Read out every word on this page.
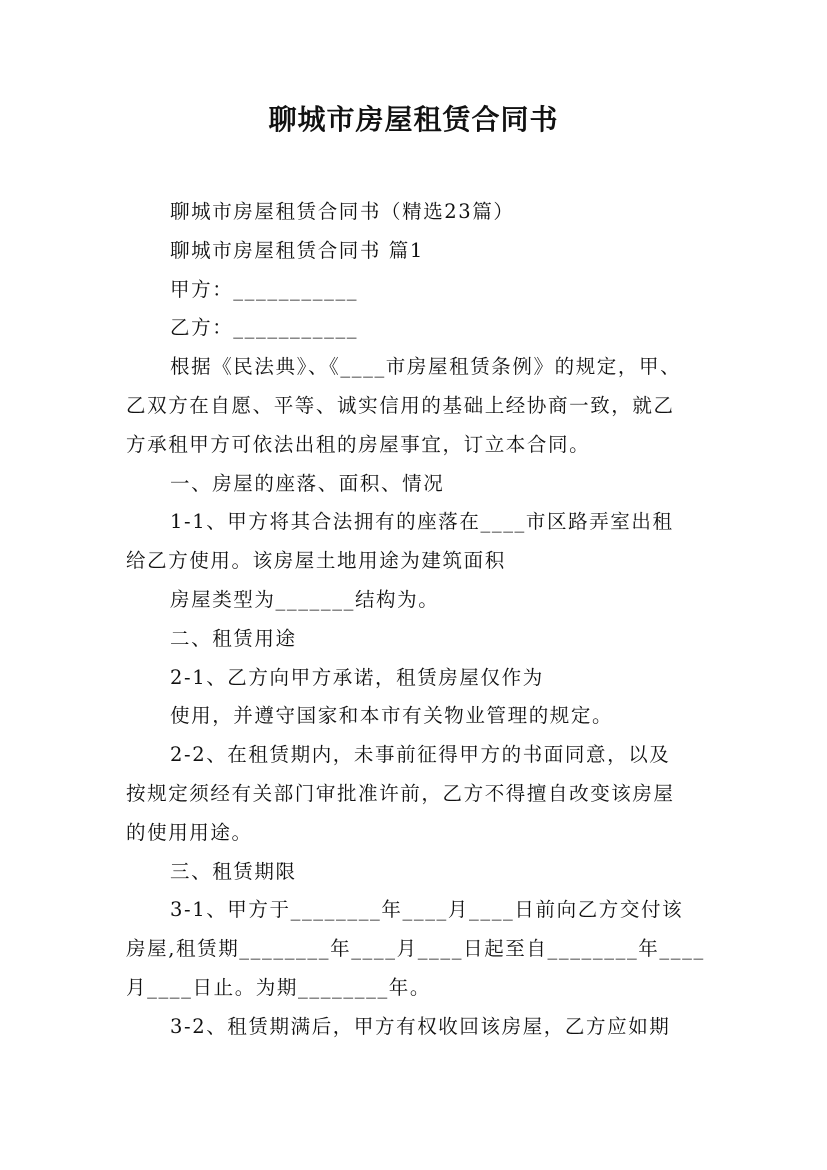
聊城市房屋租赁合同书

聊城市房屋租赁合同书（精选23篇）

聊城市房屋租赁合同书 篇1

甲方：___________

乙方：___________

根据《民法典》、《____市房屋租赁条例》的规定，甲、

乙双方在自愿、平等、诚实信用的基础上经协商一致，就乙

方承租甲方可依法出租的房屋事宜，订立本合同。

一、房屋的座落、面积、情况

1-1、甲方将其合法拥有的座落在____市区路弄室出租

给乙方使用。该房屋土地用途为建筑面积

房屋类型为_______结构为。

二、租赁用途

2-1、乙方向甲方承诺，租赁房屋仅作为

使用，并遵守国家和本市有关物业管理的规定。

2-2、在租赁期内，未事前征得甲方的书面同意，以及

按规定须经有关部门审批准许前，乙方不得擅自改变该房屋

的使用用途。

三、租赁期限

3-1、甲方于________年____月____日前向乙方交付该

房屋,租赁期________年____月____日起至自________年____

月____日止。为期________年。

3-2、租赁期满后，甲方有权收回该房屋，乙方应如期
